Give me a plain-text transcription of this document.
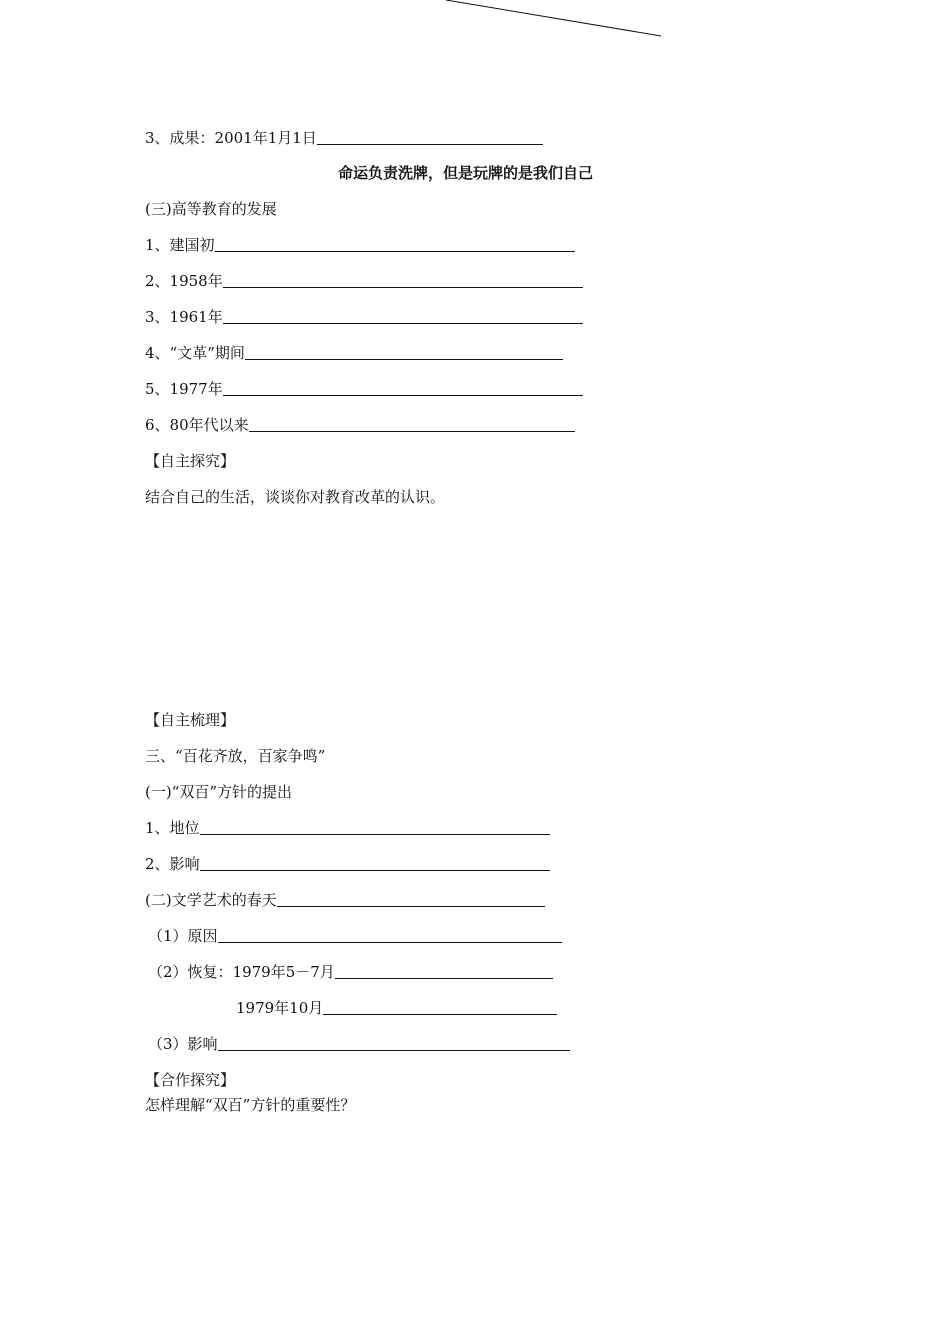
3、成果：2001年1月1日
命运负责洗牌，但是玩牌的是我们自己
(三)高等教育的发展
1、建国初
2、1958年
3、1961年
4、“文革”期间
5、1977年
6、80年代以来
【自主探究】
结合自己的生活，谈谈你对教育改革的认识。
【自主梳理】
三、“百花齐放，百家争鸣”
(一)“双百”方针的提出
1、地位
2、影响
(二)文学艺术的春天
（1）原因
（2）恢复：1979年5－7月
1979年10月
（3）影响
【合作探究】
怎样理解“双百”方针的重要性？
